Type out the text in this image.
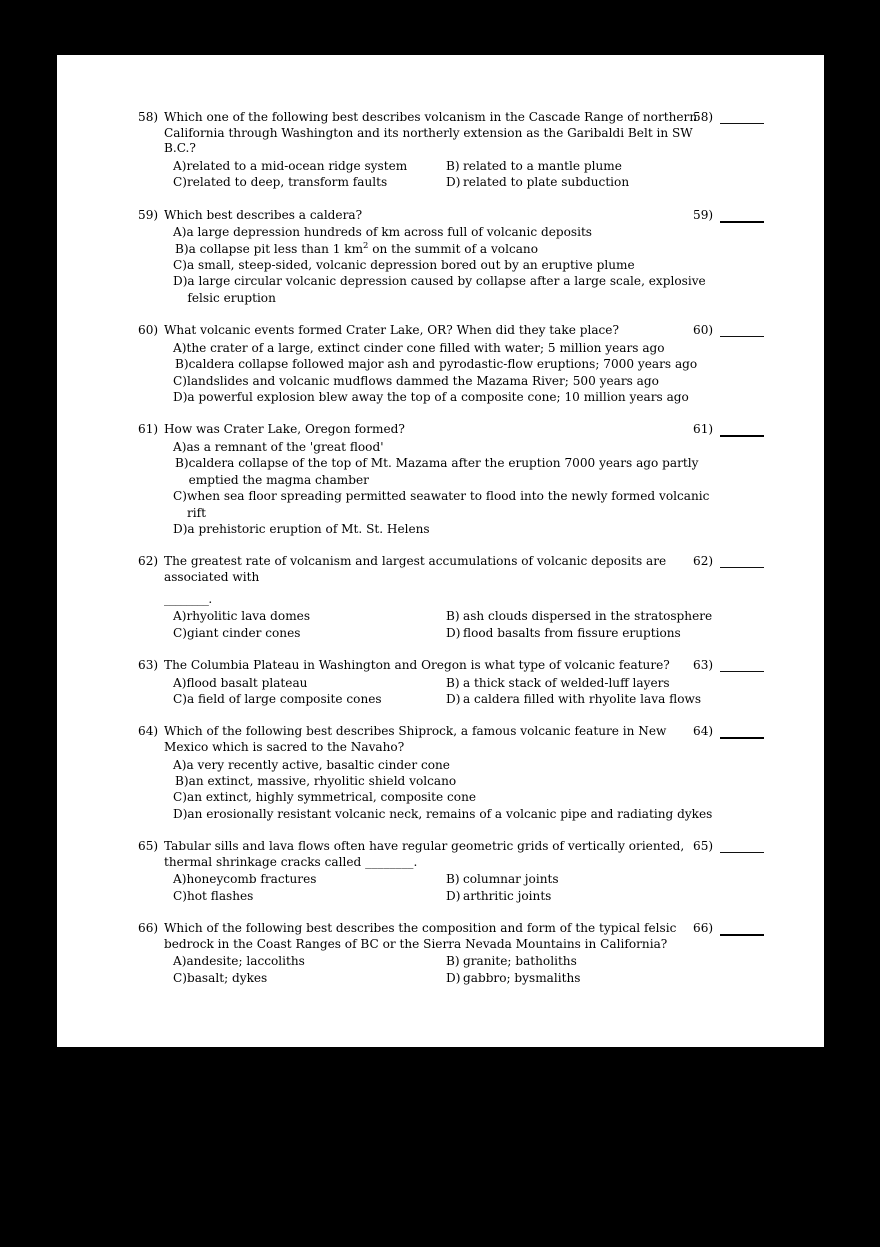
58) Which one of the following best describes volcanism in the Cascade Range of northern California through Washington and its northerly extension as the Garibaldi Belt in SW B.C.?
58)
A) related to a mid-ocean ridge system	B) related to a mantle plume
C) related to deep, transform faults	D) related to plate subduction
59) Which best describes a caldera?	59)
A) a large depression hundreds of km across full of volcanic deposits
B) a collapse pit less than 1 $km^2$ on the summit of a volcano
C) a small, steep-sided, volcanic depression bored out by an eruptive plume
D) a large circular volcanic depression caused by collapse after a large scale, explosive felsic eruption
60) What volcanic events formed Crater Lake, OR? When did they take place?	60)
A) the crater of a large, extinct cinder cone filled with water; 5 million years ago
B) caldera collapse followed major ash and pyrodastic-flow eruptions; 7000 years ago
C) landslides and volcanic mudflows dammed the Mazama River; 500 years ago
D) a powerful explosion blew away the top of a composite cone; 10 million years ago
61) How was Crater Lake, Oregon formed?	61)
A) as a remnant of the 'great flood'
B) caldera collapse of the top of Mt. Mazama after the eruption 7000 years ago partly emptied the magma chamber
C) when sea floor spreading permitted seawater to flood into the newly formed volcanic rift
D) a prehistoric eruption of Mt. St. Helens
62) The greatest rate of volcanism and largest accumulations of volcanic deposits are associated with
________.
62)
A) rhyolitic lava domes	B) ash clouds dispersed in the stratosphere
C) giant cinder cones	D) flood basalts from fissure eruptions
63) The Columbia Plateau in Washington and Oregon is what type of volcanic feature?	63)
A) flood basalt plateau	B) a thick stack of welded-luff layers
C) a field of large composite cones	D) a caldera filled with rhyolite lava flows
64) Which of the following best describes Shiprock, a famous volcanic feature in New Mexico which is sacred to the Navaho?
64)
A) a very recently active, basaltic cinder cone
B) an extinct, massive, rhyolitic shield volcano
C) an extinct, highly symmetrical, composite cone
D) an erosionally resistant volcanic neck, remains of a volcanic pipe and radiating dykes
65) Tabular sills and lava flows often have regular geometric grids of vertically oriented, thermal shrinkage cracks called ________.
65)
A) honeycomb fractures	B) columnar joints
C) hot flashes	D) arthritic joints
66) Which of the following best describes the composition and form of the typical felsic bedrock in the Coast Ranges of BC or the Sierra Nevada Mountains in California?
66)
A) andesite; laccoliths	B) granite; batholiths
C) basalt; dykes	D) gabbro; bysmaliths
